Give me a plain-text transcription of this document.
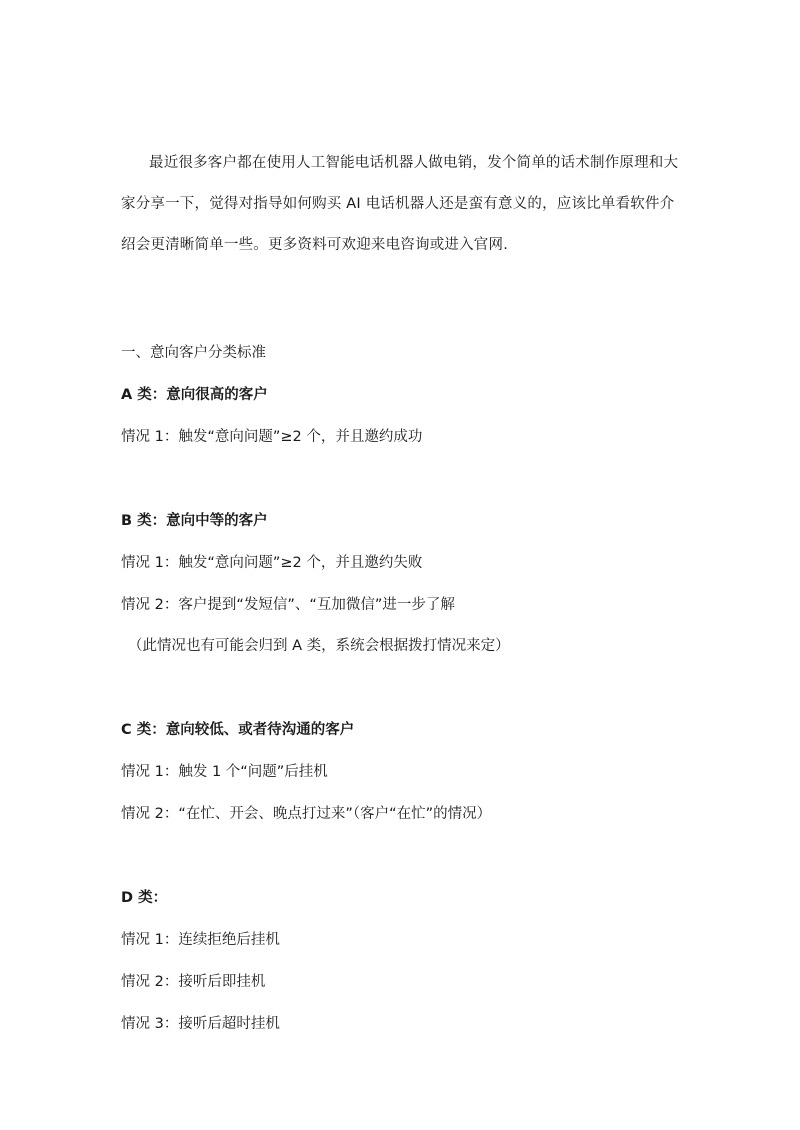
最近很多客户都在使用人工智能电话机器人做电销，发个简单的话术制作原理和大家分享一下，觉得对指导如何购买 AI 电话机器人还是蛮有意义的，应该比单看软件介绍会更清晰简单一些。更多资料可欢迎来电咨询或进入官网.

一、意向客户分类标准

A 类：意向很高的客户

情况 1：触发“意向问题”≥2 个，并且邀约成功

B 类：意向中等的客户

情况 1：触发“意向问题”≥2 个，并且邀约失败

情况 2：客户提到“发短信”、“互加微信”进一步了解

（此情况也有可能会归到 A 类，系统会根据拨打情况来定）

C 类：意向较低、或者待沟通的客户

情况 1：触发 1 个“问题”后挂机

情况 2：“在忙、开会、晚点打过来”（客户“在忙”的情况）

D 类：

情况 1：连续拒绝后挂机

情况 2：接听后即挂机

情况 3：接听后超时挂机
